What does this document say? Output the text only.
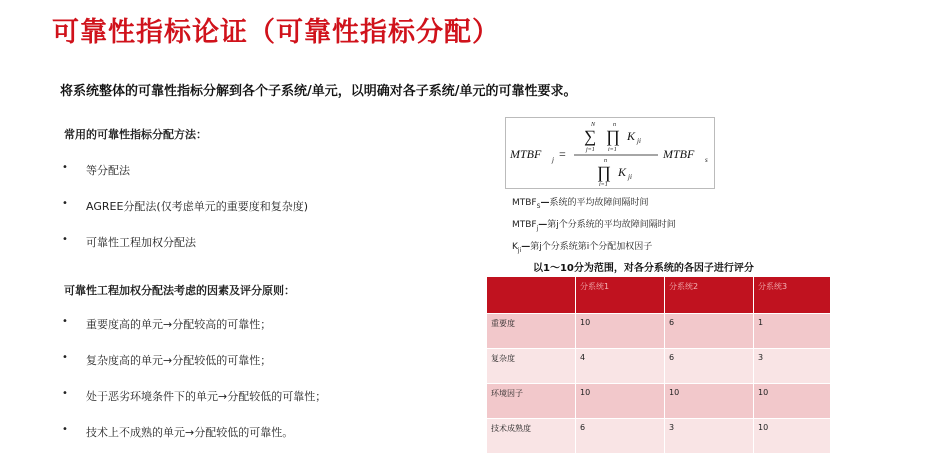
可靠性指标论证（可靠性指标分配）
将系统整体的可靠性指标分解到各个子系统/单元，以明确对各子系统/单元的可靠性要求。
常用的可靠性指标分配方法：
•	等分配法
•	AGREE分配法(仅考虑单元的重要度和复杂度)
•	可靠性工程加权分配法
可靠性工程加权分配法考虑的因素及评分原则：
•	重要度高的单元→分配较高的可靠性；
•	复杂度高的单元→分配较低的可靠性；
•	处于恶劣环境条件下的单元→分配较低的可靠性；
•	技术上不成熟的单元→分配较低的可靠性。
MTBF j =
N
∑
j=1
n
∏
i=1
K ji
n
∏
i=1
K ji
MTBF s
$MTBF_S—$系统的平均故障间隔时间
$MTBF_j—$第j个分系统的平均故障间隔时间
$K_{ji}—$第j个分系统第i个分配加权因子
以1～10分为范围，对各分系统的各因子进行评分
	分系统1	分系统2	分系统3
重要度	10	6	1
复杂度	4	6	3
环境因子	10	10	10
技术成熟度	6	3	10
